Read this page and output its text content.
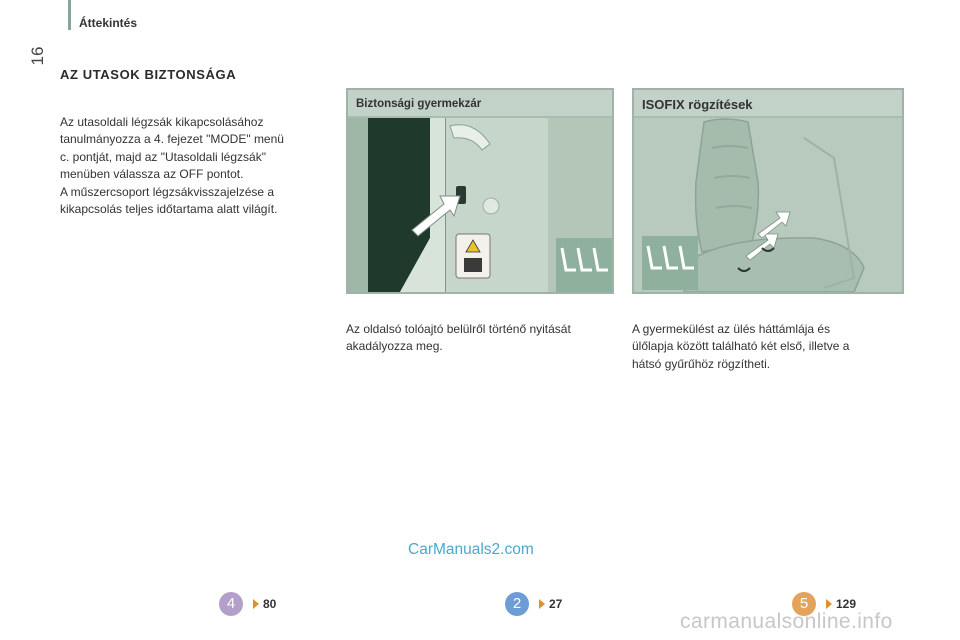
Áttekintés
16
AZ UTASOK BIZTONSÁGA
Az utasoldali légzsák kikapcsolásához
tanulmányozza a 4. fejezet "MODE" menü
c. pontját, majd az "Utasoldali légzsák"
menüben válassza az OFF pontot.
A műszercsoport légzsákvisszajelzése a
kikapcsolás teljes időtartama alatt világít.
Biztonsági gyermekzár	ISOFIX rögzítések
Az oldalsó tolóajtó belülről történő nyitását
akadályozza meg.
A gyermekülést az ülés háttámlája és
ülőlapja között található két első, illetve a
hátsó gyűrűhöz rögzítheti.
CarManuals2.com
4	80	2	27	5	129
carmanualsonline.info
